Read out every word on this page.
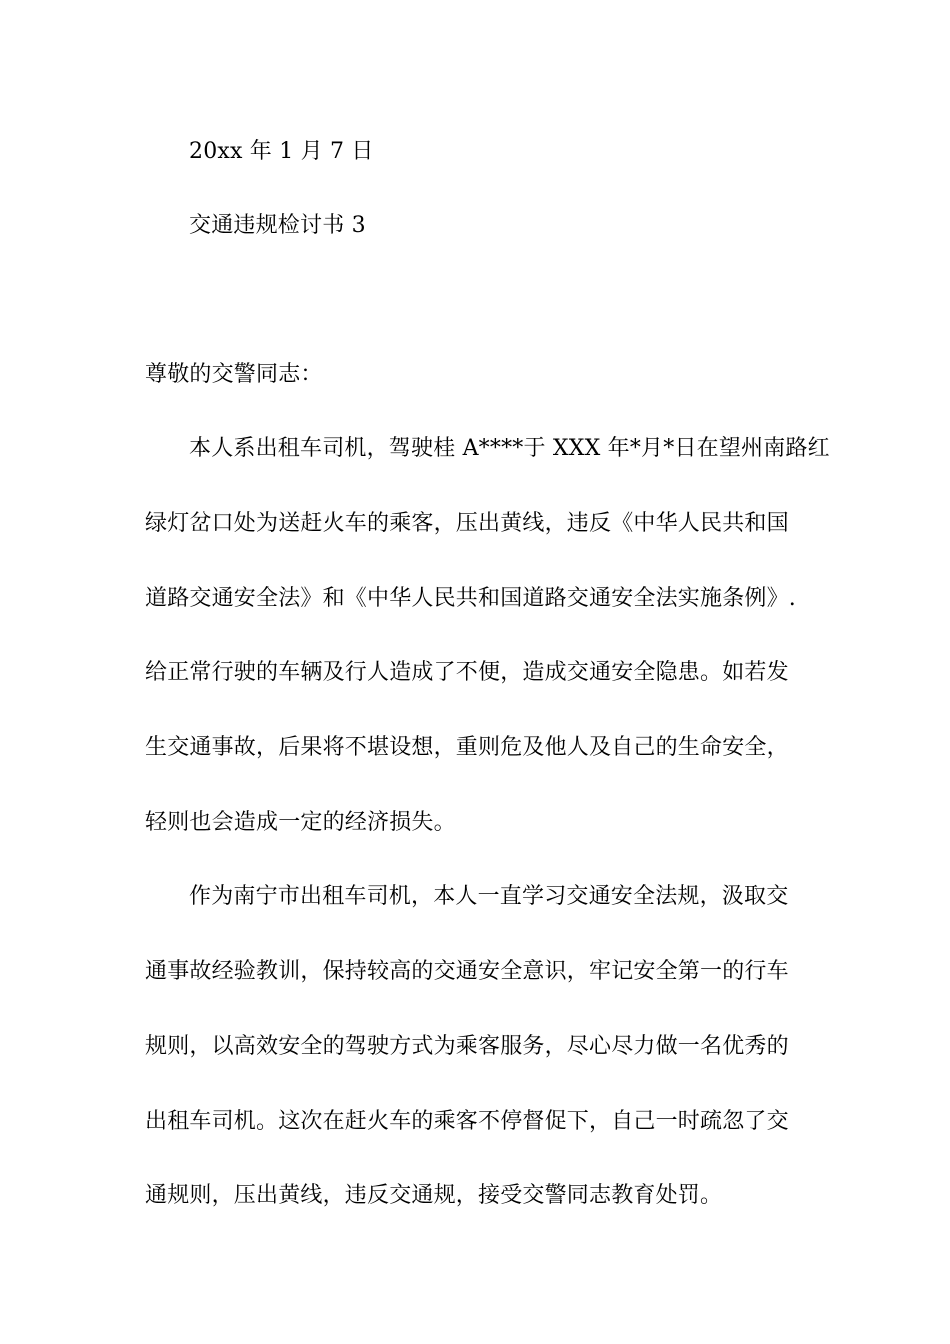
20xx 年 1 月 7 日
交通违规检讨书 3
尊敬的交警同志：
本人系出租车司机，驾驶桂 A****于 XXX 年*月*日在望州南路红
绿灯岔口处为送赶火车的乘客，压出黄线，违反《中华人民共和国
道路交通安全法》和《中华人民共和国道路交通安全法实施条例》.
给正常行驶的车辆及行人造成了不便，造成交通安全隐患。如若发
生交通事故，后果将不堪设想，重则危及他人及自己的生命安全，
轻则也会造成一定的经济损失。
作为南宁市出租车司机，本人一直学习交通安全法规，汲取交
通事故经验教训，保持较高的交通安全意识，牢记安全第一的行车
规则，以高效安全的驾驶方式为乘客服务，尽心尽力做一名优秀的
出租车司机。这次在赶火车的乘客不停督促下，自己一时疏忽了交
通规则，压出黄线，违反交通规，接受交警同志教育处罚。
